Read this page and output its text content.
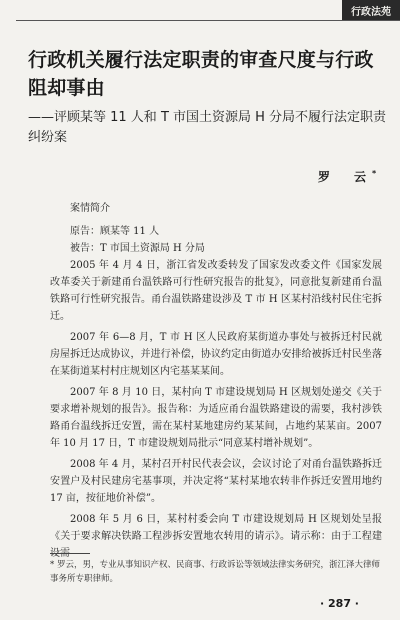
行政法苑
行政机关履行法定职责的审查尺度与行政阻却事由
——评顾某等 11 人和 T 市国土资源局 H 分局不履行法定职责纠纷案
罗　云*

案情简介

原告：顾某等 11 人

被告：T 市国土资源局 H 分局

2005 年 4 月 4 日，浙江省发改委转发了国家发改委文件《国家发展改革委关于新建甬台温铁路可行性研究报告的批复》，同意批复新建甬台温铁路可行性研究报告。甬台温铁路建设涉及 T 市 H 区某村沿线村民住宅拆迁。

2007 年 6—8 月，T 市 H 区人民政府某街道办事处与被拆迁村民就房屋拆迁达成协议，并进行补偿，协议约定由街道办安排给被拆迁村民坐落在某街道某村村庄规划区内宅基某某间。

2007 年 8 月 10 日，某村向 T 市建设规划局 H 区规划处递交《关于要求增补规划的报告》。报告称：为适应甬台温铁路建设的需要，我村涉铁路甬台温线拆迁安置，需在某村某地建房约某某间，占地约某某亩。2007 年 10 月 17 日，T 市建设规划局批示“同意某村增补规划”。

2008 年 4 月，某村召开村民代表会议，会议讨论了对甬台温铁路拆迁安置户及村民建房宅基事项，并决定将“某村某地农转非作拆迁安置用地约 17 亩，按征地价补偿”。

2008 年 5 月 6 日，某村村委会向 T 市建设规划局 H 区规划处呈报《关于要求解决铁路工程涉拆安置地农转用的请示》。请示称：由于工程建设需

* 罗云，男，专业从事知识产权、民商事、行政诉讼等领域法律实务研究，浙江泽大律师事务所专职律师。
· 287 ·
